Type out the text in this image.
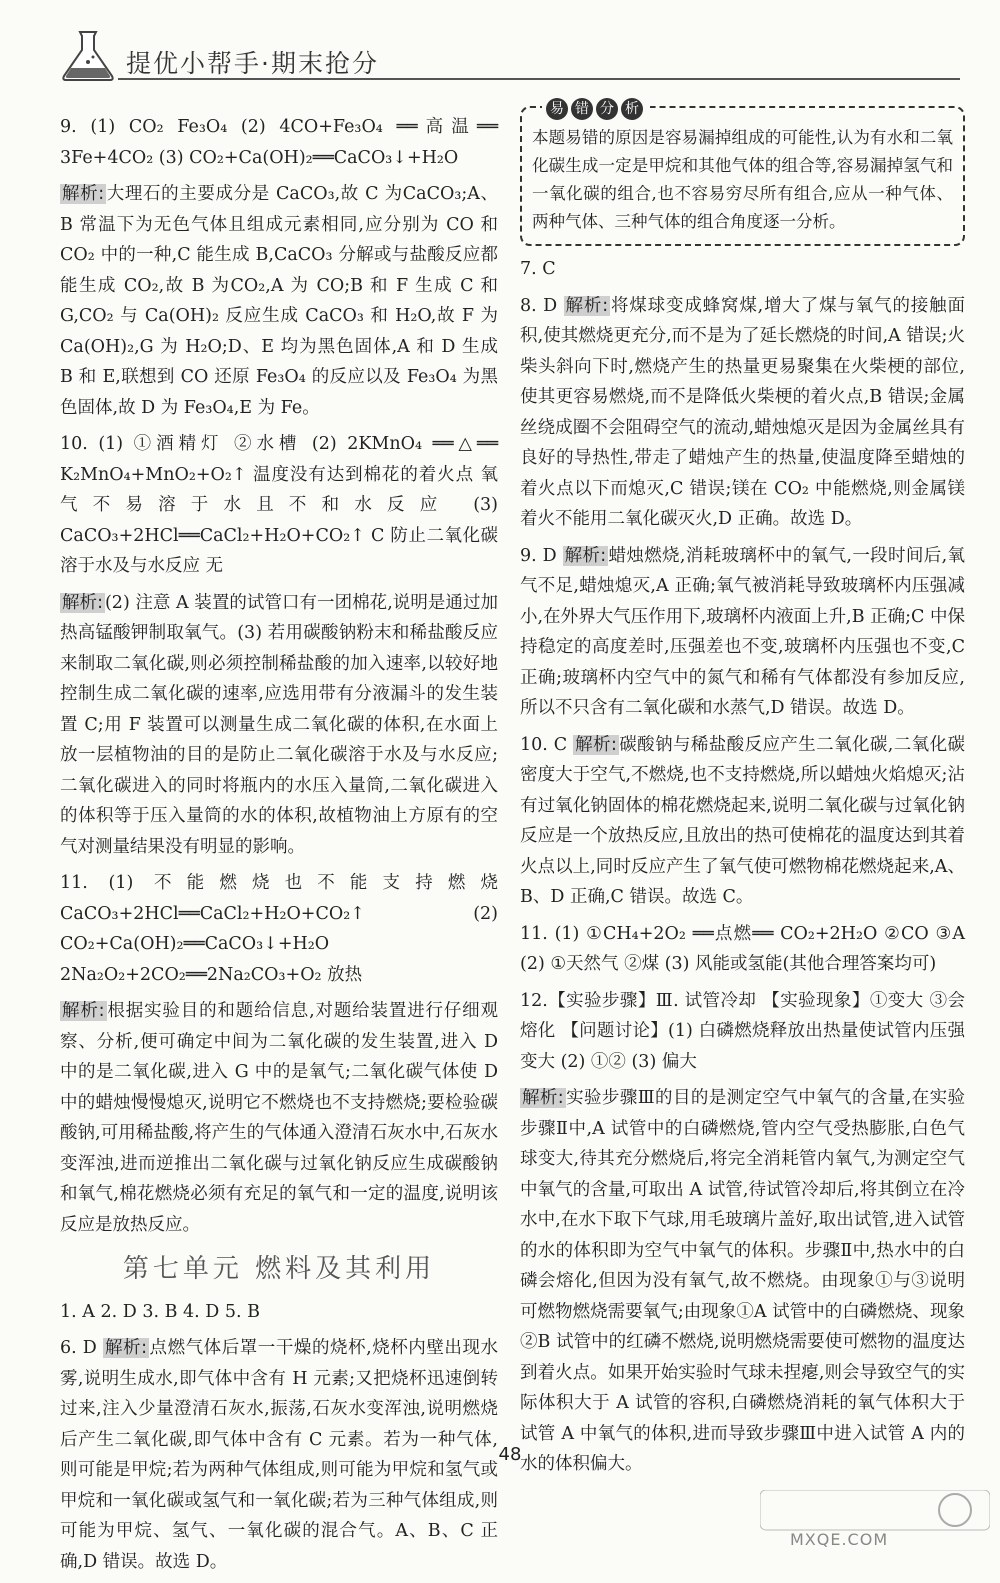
提优小帮手·期末抢分

9. (1) CO₂ Fe₃O₄ (2) 4CO+Fe₃O₄ ══高温══ 3Fe+4CO₂ (3) CO₂+Ca(OH)₂══CaCO₃↓+H₂O

解析: 大理石的主要成分是 CaCO₃,故 C 为CaCO₃;A、B 常温下为无色气体且组成元素相同,应分别为 CO 和 CO₂ 中的一种,C 能生成 B,CaCO₃ 分解或与盐酸反应都能生成 CO₂,故 B 为CO₂,A 为 CO;B 和 F 生成 C 和 G,CO₂ 与 Ca(OH)₂ 反应生成 CaCO₃ 和 H₂O,故 F 为 Ca(OH)₂,G 为 H₂O;D、E 均为黑色固体,A 和 D 生成 B 和 E,联想到 CO 还原 Fe₃O₄ 的反应以及 Fe₃O₄ 为黑色固体,故 D 为 Fe₃O₄,E 为 Fe。

10. (1) ①酒精灯 ②水槽 (2) 2KMnO₄ ══△══ K₂MnO₄+MnO₂+O₂↑ 温度没有达到棉花的着火点 氧气不易溶于水且不和水反应 (3) CaCO₃+2HCl══CaCl₂+H₂O+CO₂↑ C 防止二氧化碳溶于水及与水反应 无

解析: (2) 注意 A 装置的试管口有一团棉花,说明是通过加热高锰酸钾制取氧气。(3) 若用碳酸钠粉末和稀盐酸反应来制取二氧化碳,则必须控制稀盐酸的加入速率,以较好地控制生成二氧化碳的速率,应选用带有分液漏斗的发生装置 C;用 F 装置可以测量生成二氧化碳的体积,在水面上放一层植物油的目的是防止二氧化碳溶于水及与水反应;二氧化碳进入的同时将瓶内的水压入量筒,二氧化碳进入的体积等于压入量筒的水的体积,故植物油上方原有的空气对测量结果没有明显的影响。

11. (1) 不能燃烧也不能支持燃烧 CaCO₃+2HCl══CaCl₂+H₂O+CO₂↑ (2) CO₂+Ca(OH)₂══CaCO₃↓+H₂O 2Na₂O₂+2CO₂══2Na₂CO₃+O₂ 放热

解析: 根据实验目的和题给信息,对题给装置进行仔细观察、分析,便可确定中间为二氧化碳的发生装置,进入 D 中的是二氧化碳,进入 G 中的是氧气;二氧化碳气体使 D 中的蜡烛慢慢熄灭,说明它不燃烧也不支持燃烧;要检验碳酸钠,可用稀盐酸,将产生的气体通入澄清石灰水中,石灰水变浑浊,进而逆推出二氧化碳与过氧化钠反应生成碳酸钠和氧气,棉花燃烧必须有充足的氧气和一定的温度,说明该反应是放热反应。

第七单元 燃料及其利用

1. A 2. D 3. B 4. D 5. B

6. D 解析: 点燃气体后罩一干燥的烧杯,烧杯内壁出现水雾,说明生成水,即气体中含有 H 元素;又把烧杯迅速倒转过来,注入少量澄清石灰水,振荡,石灰水变浑浊,说明燃烧后产生二氧化碳,即气体中含有 C 元素。若为一种气体,则可能是甲烷;若为两种气体组成,则可能为甲烷和氢气或甲烷和一氧化碳或氢气和一氧化碳;若为三种气体组成,则可能为甲烷、氢气、一氧化碳的混合气。A、B、C 正确,D 错误。故选 D。

易 错 分 析
本题易错的原因是容易漏掉组成的可能性,认为有水和二氧化碳生成一定是甲烷和其他气体的组合等,容易漏掉氢气和一氧化碳的组合,也不容易穷尽所有组合,应从一种气体、两种气体、三种气体的组合角度逐一分析。

7. C

8. D 解析: 将煤球变成蜂窝煤,增大了煤与氧气的接触面积,使其燃烧更充分,而不是为了延长燃烧的时间,A 错误;火柴头斜向下时,燃烧产生的热量更易聚集在火柴梗的部位,使其更容易燃烧,而不是降低火柴梗的着火点,B 错误;金属丝绕成圈不会阻碍空气的流动,蜡烛熄灭是因为金属丝具有良好的导热性,带走了蜡烛产生的热量,使温度降至蜡烛的着火点以下而熄灭,C 错误;镁在 CO₂ 中能燃烧,则金属镁着火不能用二氧化碳灭火,D 正确。故选 D。

9. D 解析: 蜡烛燃烧,消耗玻璃杯中的氧气,一段时间后,氧气不足,蜡烛熄灭,A 正确;氧气被消耗导致玻璃杯内压强减小,在外界大气压作用下,玻璃杯内液面上升,B 正确;C 中保持稳定的高度差时,压强差也不变,玻璃杯内压强也不变,C 正确;玻璃杯内空气中的氮气和稀有气体都没有参加反应,所以不只含有二氧化碳和水蒸气,D 错误。故选 D。

10. C 解析: 碳酸钠与稀盐酸反应产生二氧化碳,二氧化碳密度大于空气,不燃烧,也不支持燃烧,所以蜡烛火焰熄灭;沾有过氧化钠固体的棉花燃烧起来,说明二氧化碳与过氧化钠反应是一个放热反应,且放出的热可使棉花的温度达到其着火点以上,同时反应产生了氧气使可燃物棉花燃烧起来,A、B、D 正确,C 错误。故选 C。

11. (1) ①CH₄+2O₂ ══点燃══ CO₂+2H₂O ②CO ③A (2) ①天然气 ②煤 (3) 风能或氢能(其他合理答案均可)

12.【实验步骤】Ⅲ. 试管冷却 【实验现象】①变大 ③会熔化 【问题讨论】(1) 白磷燃烧释放出热量使试管内压强变大 (2) ①② (3) 偏大

解析: 实验步骤Ⅲ的目的是测定空气中氧气的含量,在实验步骤Ⅱ中,A 试管中的白磷燃烧,管内空气受热膨胀,白色气球变大,待其充分燃烧后,将完全消耗管内氧气,为测定空气中氧气的含量,可取出 A 试管,待试管冷却后,将其倒立在冷水中,在水下取下气球,用毛玻璃片盖好,取出试管,进入试管的水的体积即为空气中氧气的体积。步骤Ⅱ中,热水中的白磷会熔化,但因为没有氧气,故不燃烧。由现象①与③说明可燃物燃烧需要氧气;由现象①A 试管中的白磷燃烧、现象②B 试管中的红磷不燃烧,说明燃烧需要使可燃物的温度达到着火点。如果开始实验时气球未捏瘪,则会导致空气的实际体积大于 A 试管的容积,白磷燃烧消耗的氧气体积大于试管 A 中氧气的体积,进而导致步骤Ⅲ中进入试管 A 内的水的体积偏大。

48
MXQE.COM
